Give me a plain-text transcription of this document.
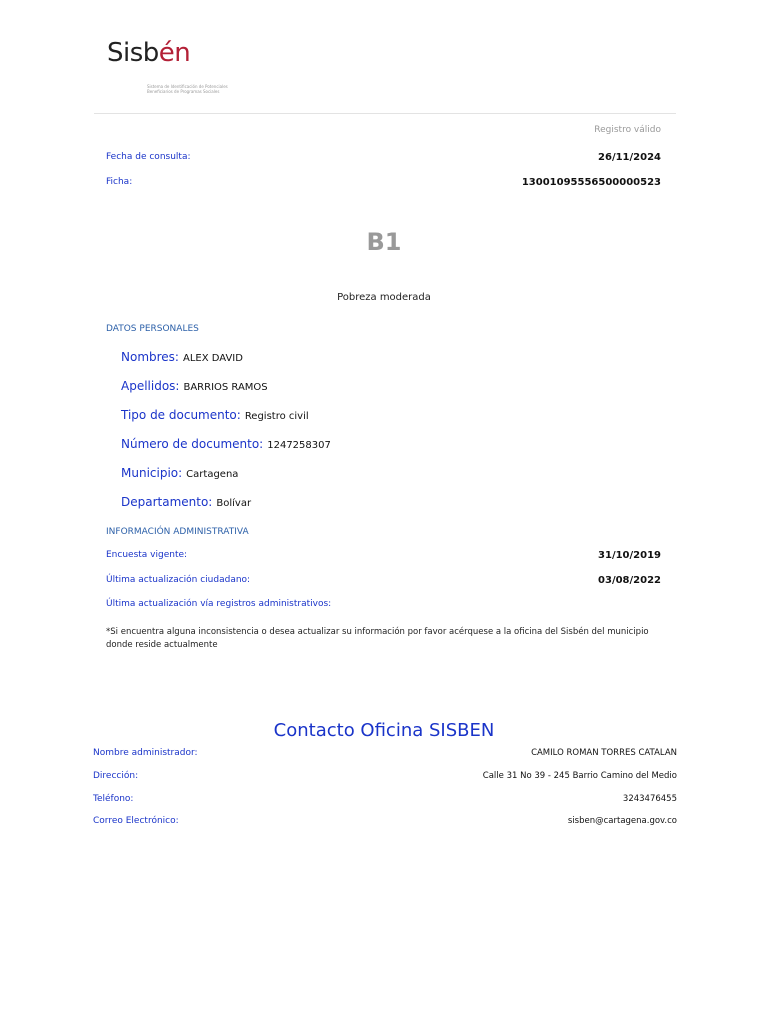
Sisbén
Sistema de Identificación de Potenciales Beneficiarios de Programas Sociales
Registro válido
Fecha de consulta:	26/11/2024
Ficha:	13001095556500000523
B1
Pobreza moderada
DATOS PERSONALES
Nombres: ALEX DAVID
Apellidos: BARRIOS RAMOS
Tipo de documento: Registro civil
Número de documento: 1247258307
Municipio: Cartagena
Departamento: Bolívar
INFORMACIÓN ADMINISTRATIVA
Encuesta vigente:	31/10/2019
Última actualización ciudadano:	03/08/2022
Última actualización vía registros administrativos:
*Si encuentra alguna inconsistencia o desea actualizar su información por favor acérquese a la oficina del Sisbén del municipio donde reside actualmente
Contacto Oficina SISBEN
Nombre administrador:	CAMILO ROMAN TORRES CATALAN
Dirección:	Calle 31 No 39 - 245 Barrio Camino del Medio
Teléfono:	3243476455
Correo Electrónico:	sisben@cartagena.gov.co
